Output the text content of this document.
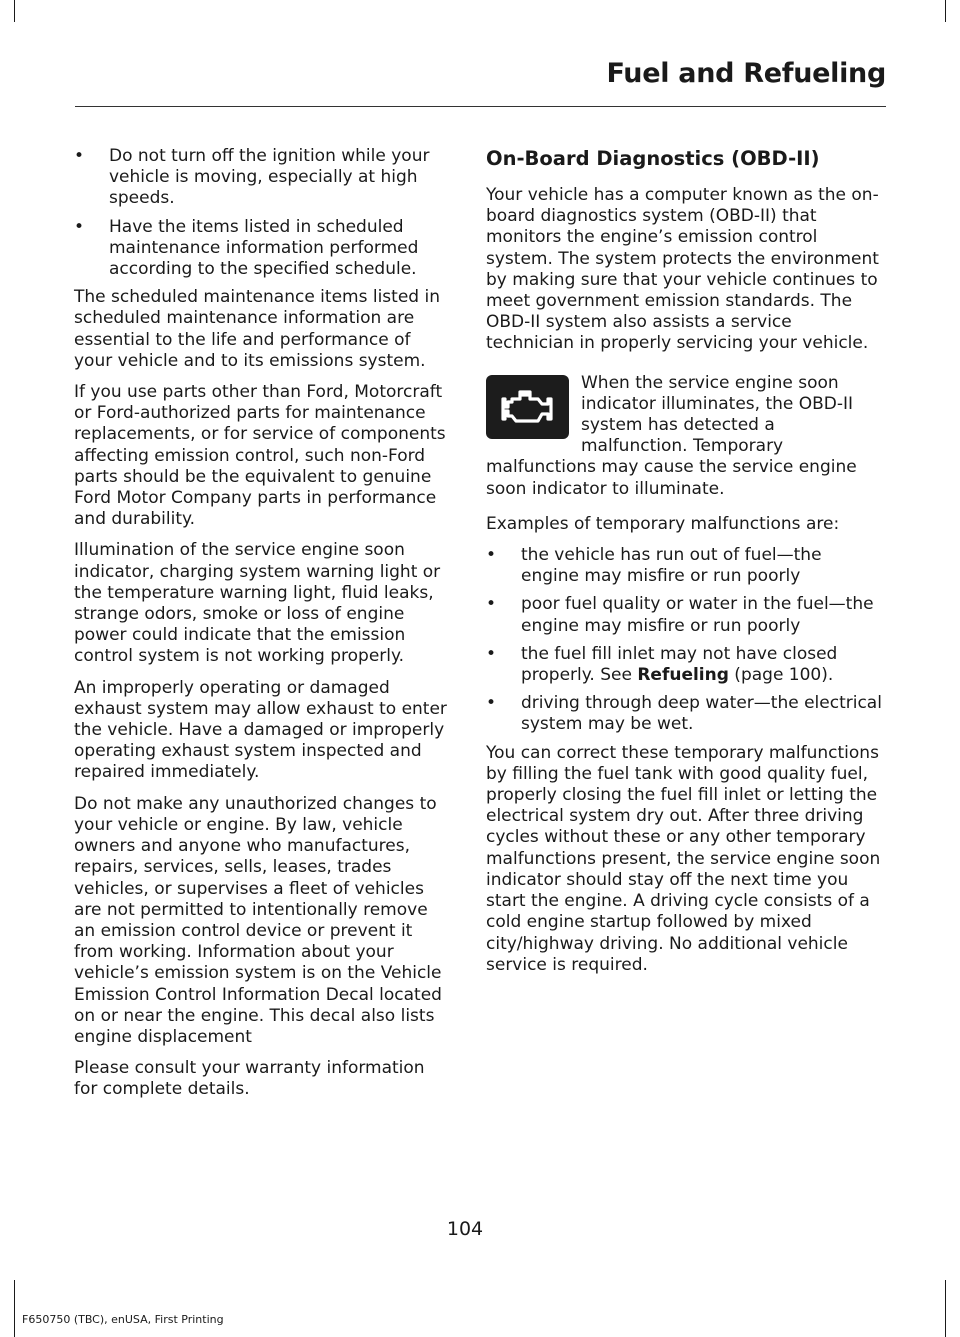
Fuel and Refueling
• Do not turn off the ignition while your vehicle is moving, especially at high speeds.
• Have the items listed in scheduled maintenance information performed according to the specified schedule.

The scheduled maintenance items listed in scheduled maintenance information are essential to the life and performance of your vehicle and to its emissions system.

If you use parts other than Ford, Motorcraft or Ford-authorized parts for maintenance replacements, or for service of components affecting emission control, such non-Ford parts should be the equivalent to genuine Ford Motor Company parts in performance and durability.

Illumination of the service engine soon indicator, charging system warning light or the temperature warning light, fluid leaks, strange odors, smoke or loss of engine power could indicate that the emission control system is not working properly.

An improperly operating or damaged exhaust system may allow exhaust to enter the vehicle. Have a damaged or improperly operating exhaust system inspected and repaired immediately.

Do not make any unauthorized changes to your vehicle or engine. By law, vehicle owners and anyone who manufactures, repairs, services, sells, leases, trades vehicles, or supervises a fleet of vehicles are not permitted to intentionally remove an emission control device or prevent it from working. Information about your vehicle’s emission system is on the Vehicle Emission Control Information Decal located on or near the engine. This decal also lists engine displacement

Please consult your warranty information for complete details.

On-Board Diagnostics (OBD-II)

Your vehicle has a computer known as the on-board diagnostics system (OBD-II) that monitors the engine’s emission control system. The system protects the environment by making sure that your vehicle continues to meet government emission standards. The OBD-II system also assists a service technician in properly servicing your vehicle.

When the service engine soon indicator illuminates, the OBD-II system has detected a malfunction. Temporary malfunctions may cause the service engine soon indicator to illuminate.

Examples of temporary malfunctions are:

• the vehicle has run out of fuel—the engine may misfire or run poorly
• poor fuel quality or water in the fuel—the engine may misfire or run poorly
• the fuel fill inlet may not have closed properly. See Refueling (page 100).
• driving through deep water—the electrical system may be wet.

You can correct these temporary malfunctions by filling the fuel tank with good quality fuel, properly closing the fuel fill inlet or letting the electrical system dry out. After three driving cycles without these or any other temporary malfunctions present, the service engine soon indicator should stay off the next time you start the engine. A driving cycle consists of a cold engine startup followed by mixed city/highway driving. No additional vehicle service is required.

104
F650750 (TBC), enUSA, First Printing
